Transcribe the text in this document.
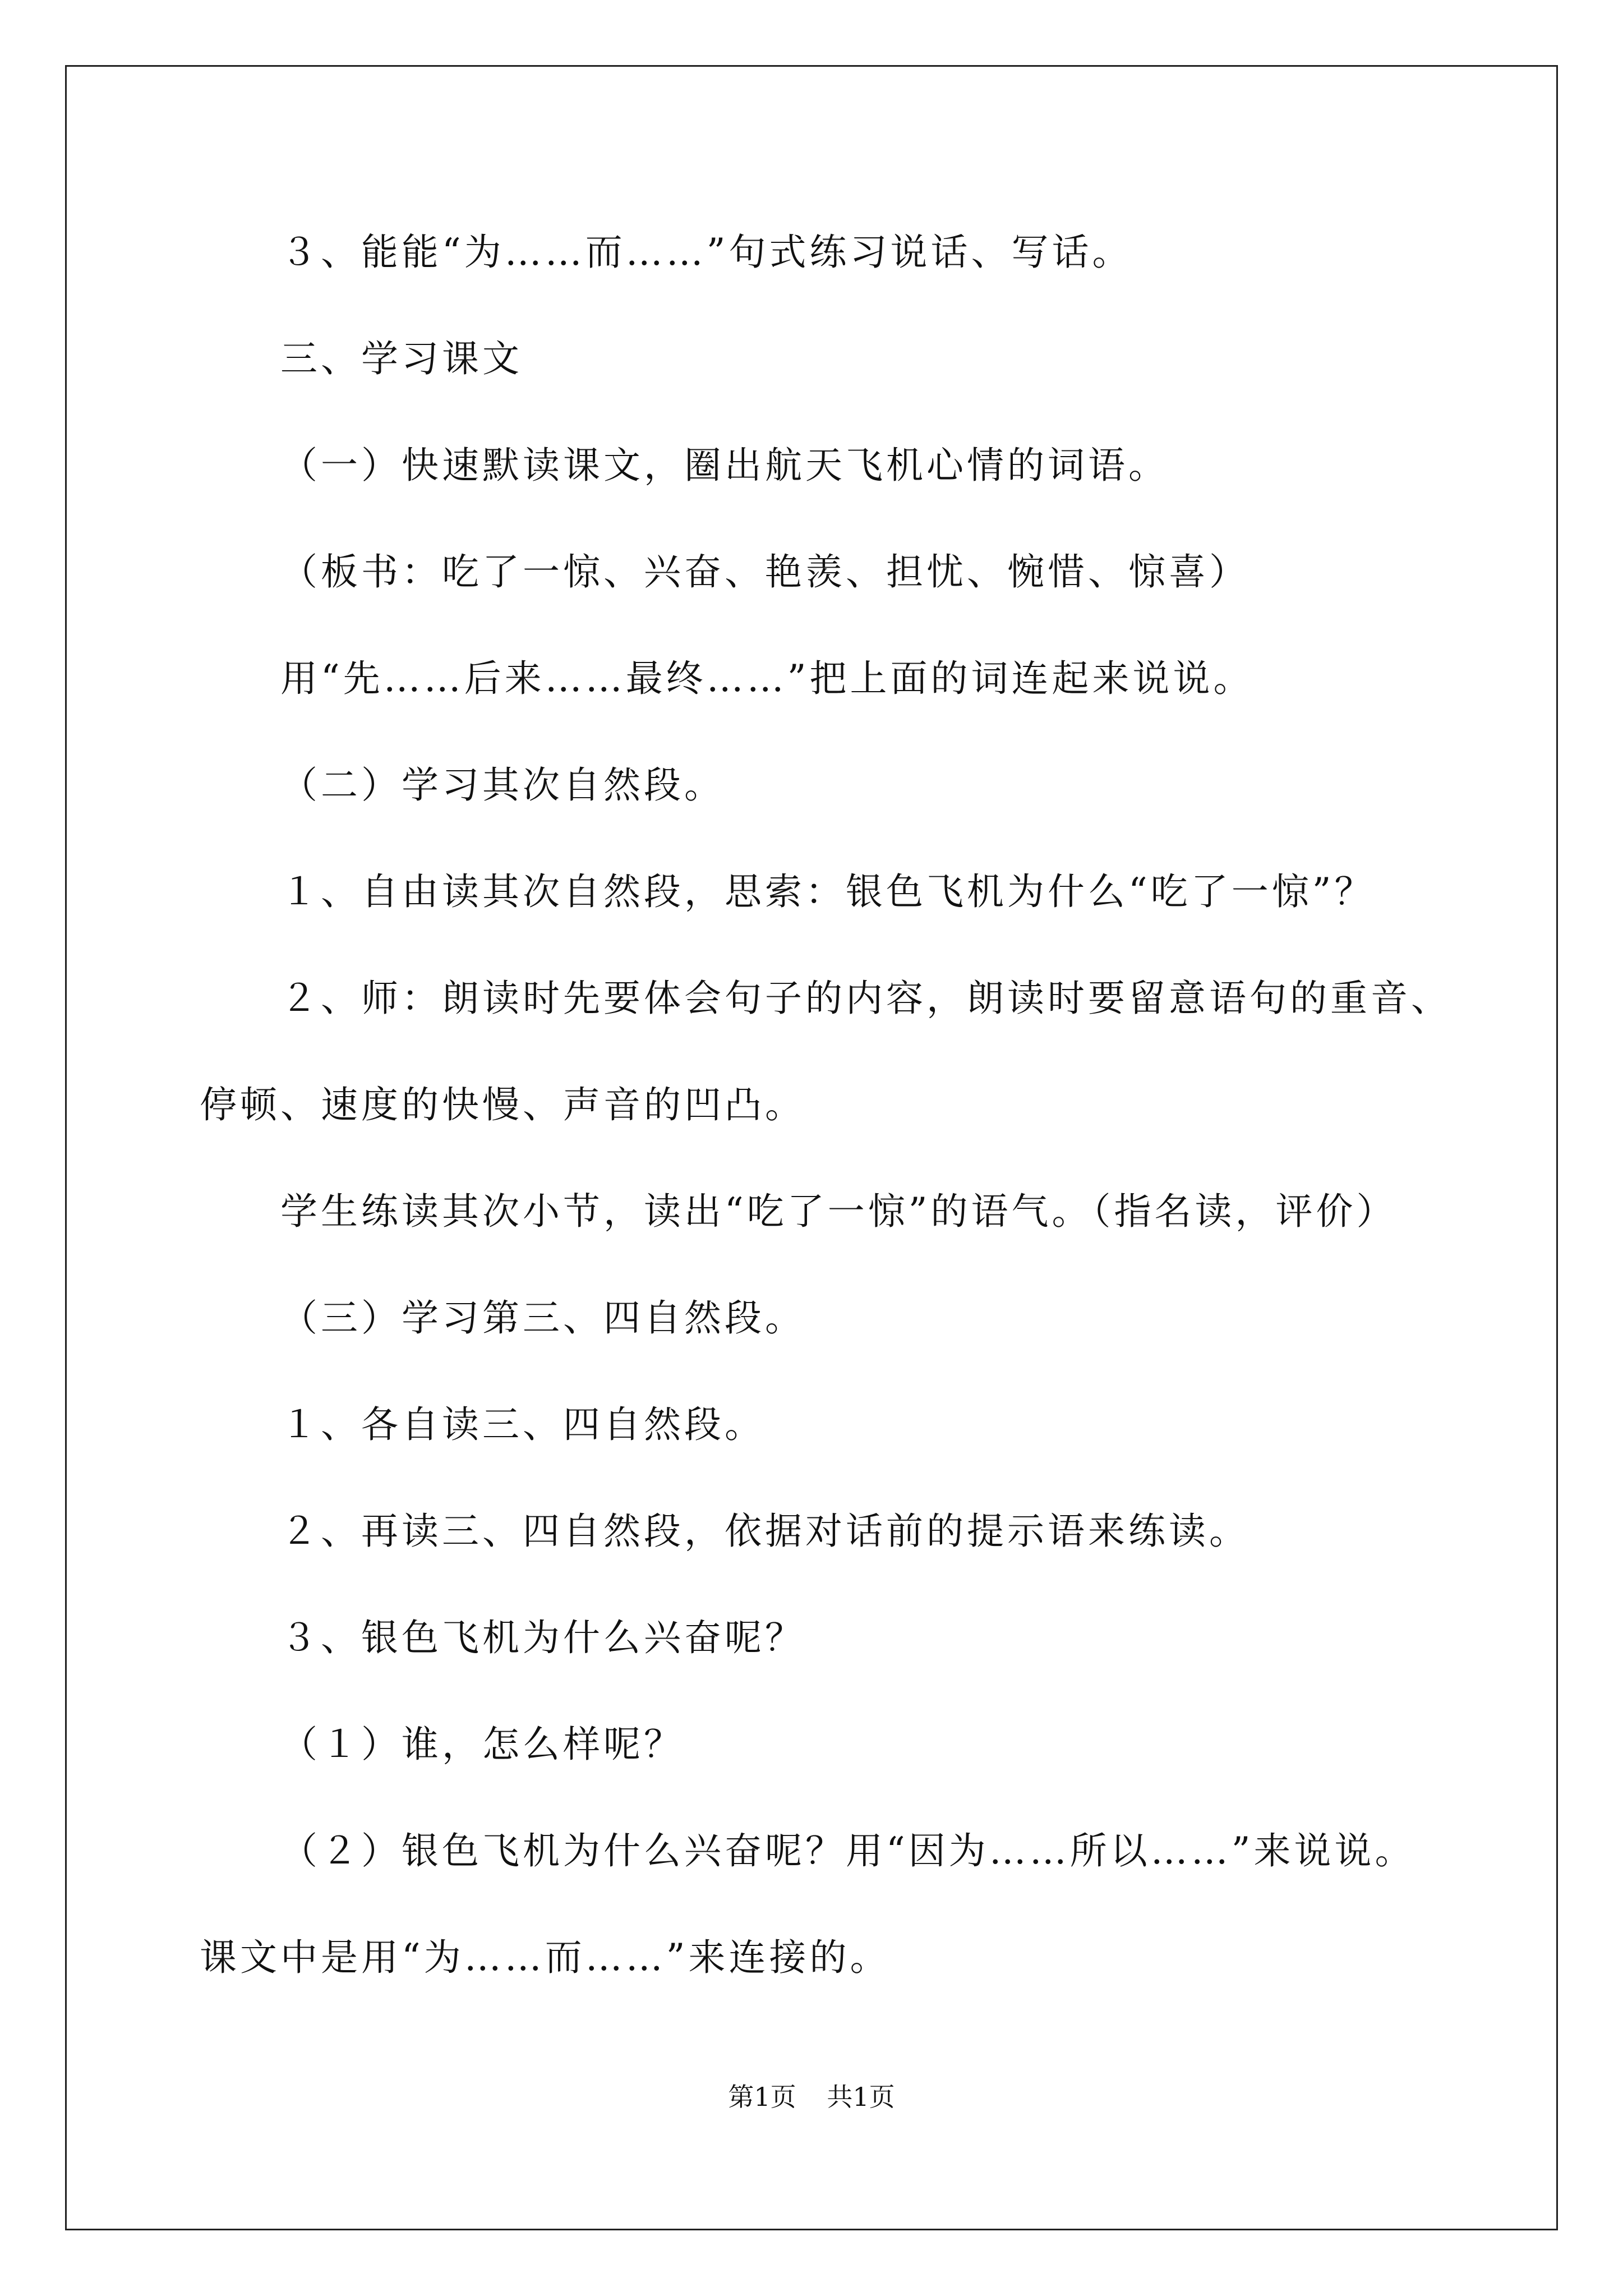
３、能能“为……而……”句式练习说话、写话。
三、学习课文
（一）快速默读课文，圈出航天飞机心情的词语。
（板书：吃了一惊、兴奋、艳羡、担忧、惋惜、惊喜）
用“先……后来……最终……”把上面的词连起来说说。
（二）学习其次自然段。
１、自由读其次自然段，思索：银色飞机为什么“吃了一惊”？
２、师：朗读时先要体会句子的内容，朗读时要留意语句的重音、
停顿、速度的快慢、声音的凹凸。
学生练读其次小节，读出“吃了一惊”的语气。（指名读，评价）
（三）学习第三、四自然段。
１、各自读三、四自然段。
２、再读三、四自然段，依据对话前的提示语来练读。
３、银色飞机为什么兴奋呢？
（１）谁，怎么样呢？
（２）银色飞机为什么兴奋呢？用“因为……所以……”来说说。
课文中是用“为……而……”来连接的。
第1页 共1页
